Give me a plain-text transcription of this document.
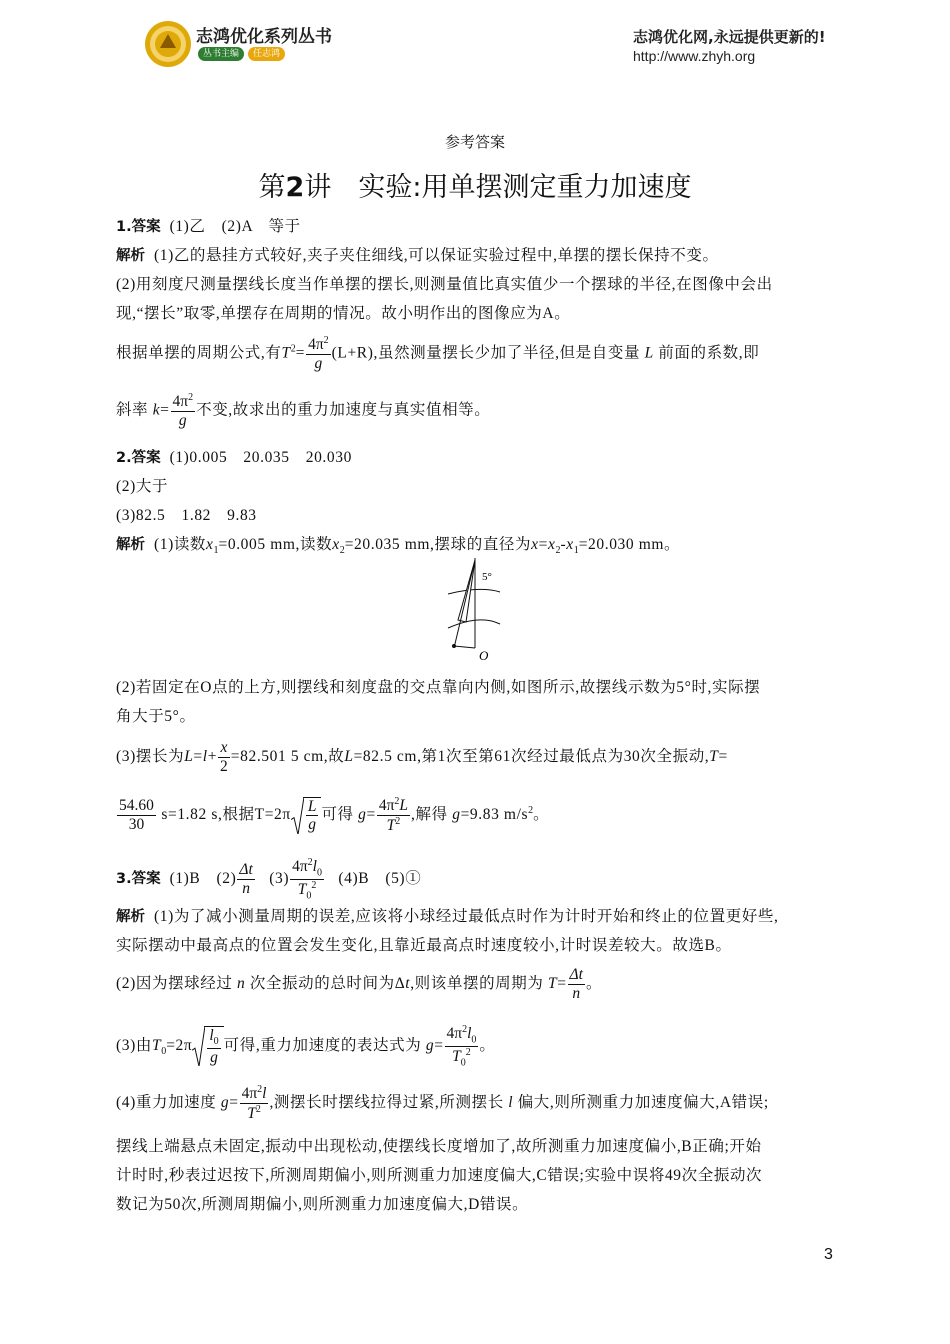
志鸿优化系列丛书
丛书主编	任志鸿
志鸿优化网,永远提供更新的!
http://www.zhyh.org
参考答案
第2讲　实验:用单摆测定重力加速度
1.答案 (1)乙　(2)A　等于
解析 (1)乙的悬挂方式较好,夹子夹住细线,可以保证实验过程中,单摆的摆长保持不变。
(2)用刻度尺测量摆线长度当作单摆的摆长,则测量值比真实值少一个摆球的半径,在图像中会出
现,“摆长”取零,单摆存在周期的情况。故小明作出的图像应为A。
根据单摆的周期公式,有$T^2= \frac{4\pi^2}{g} (L+R)$,虽然测量摆长少加了半径,但是自变量 L 前面的系数,即
斜率 $k= \frac{4\pi^2}{g}$ 不变,故求出的重力加速度与真实值相等。
2.答案 (1)0.005　20.035　20.030
(2)大于
(3)82.5　1.82　9.83
解析 (1)读数$x_1=0.005$ mm,读数$x_2=20.035$ mm,摆球的直径为$x=x_2-x_1=20.030$ mm。
5°
O
(2)若固定在O点的上方,则摆线和刻度盘的交点靠向内侧,如图所示,故摆线示数为5°时,实际摆
角大于5°。
(3)摆长为$L=l+ \frac{x}{2} =82.501$ 5 cm,故L=82.5 cm,第1次至第61次经过最低点为30次全振动,T=
$\frac{54.60}{30} s=1.82$ s,根据$T=2\pi \frac{L}{g}$ 可得 $g= \frac{4\pi^2L}{T^2}$ ,解得 g=9.83 $m/s^2$。
3.答案 (1)B　$(2) \frac{\Delta t}{n} (3) \frac{4\pi^2l_0}{T_0^2} (4)B$　(5)①
解析 (1)为了减小测量周期的误差,应该将小球经过最低点时作为计时开始和终止的位置更好些,
实际摆动中最高点的位置会发生变化,且靠近最高点时速度较小,计时误差较大。故选B。
(2)因为摆球经过 n 次全振动的总时间为Δt,则该单摆的周期为 $T= \frac{\Delta t}{n}$ 。
(3)由$T_0=2\pi \frac{l_0}{g}$ 可得,重力加速度的表达式为 $g= \frac{4\pi^2l_0}{T_0^2}$ 。
(4)重力加速度 $g= \frac{4\pi^2l}{T^2}$ ,测摆长时摆线拉得过紧,所测摆长 l 偏大,则所测重力加速度偏大,A错误;
摆线上端悬点未固定,振动中出现松动,使摆线长度增加了,故所测重力加速度偏小,B正确;开始
计时时,秒表过迟按下,所测周期偏小,则所测重力加速度偏大,C错误;实验中误将49次全振动次
数记为50次,所测周期偏小,则所测重力加速度偏大,D错误。
3
